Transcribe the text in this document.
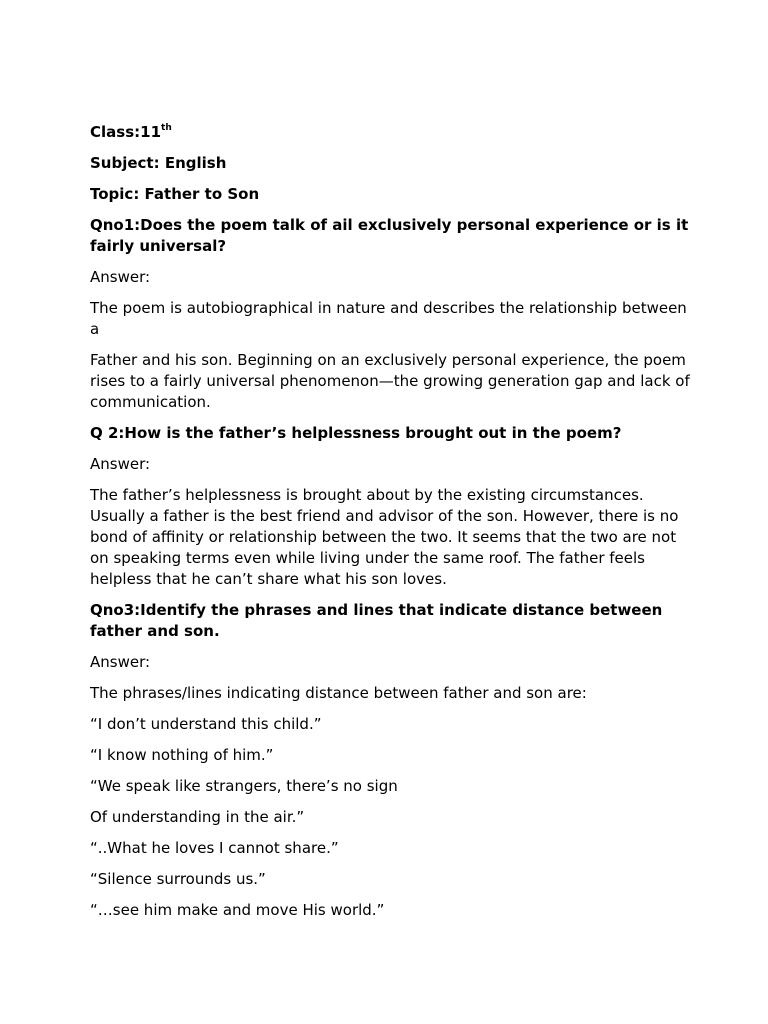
Class:11th

Subject: English

Topic: Father to Son

Qno1:Does the poem talk of ail exclusively personal experience or is it fairly universal?

Answer:

The poem is autobiographical in nature and describes the relationship between a

Father and his son. Beginning on an exclusively personal experience, the poem rises to a fairly universal phenomenon—the growing generation gap and lack of communication.

Q 2:How is the father’s helplessness brought out in the poem?

Answer:

The father’s helplessness is brought about by the existing circumstances. Usually a father is the best friend and advisor of the son. However, there is no bond of affinity or relationship between the two. It seems that the two are not on speaking terms even while living under the same roof. The father feels helpless that he can’t share what his son loves.

Qno3:Identify the phrases and lines that indicate distance between father and son.

Answer:

The phrases/lines indicating distance between father and son are:

“I don’t understand this child.”

“I know nothing of him.”

“We speak like strangers, there’s no sign

Of understanding in the air.”

“..What he loves I cannot share.”

“Silence surrounds us.”

“…see him make and move His world.”
